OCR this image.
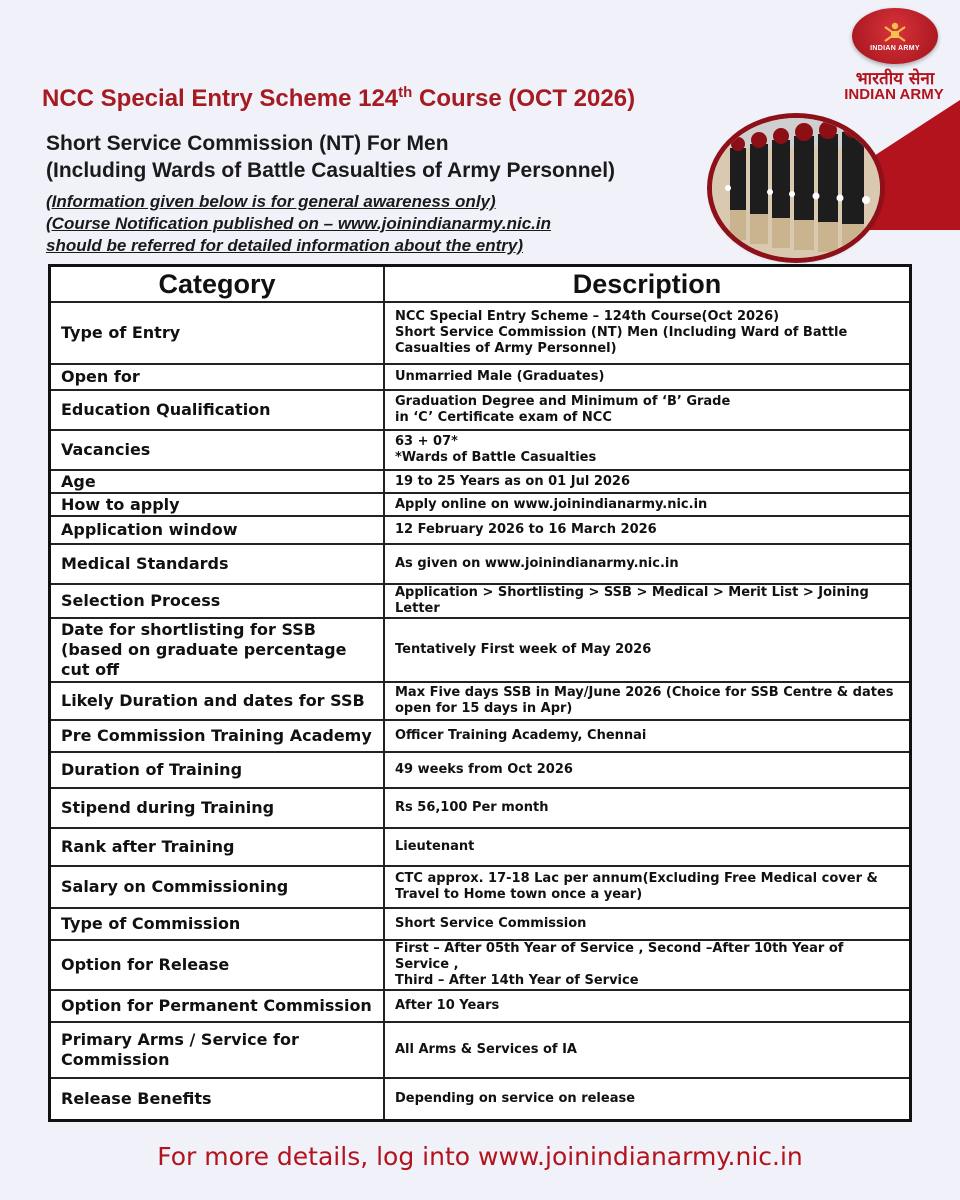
INDIAN ARMY
भारतीय सेना
INDIAN ARMY
NCC Special Entry Scheme 124th Course (OCT 2026)
Short Service Commission (NT) For Men
(Including Wards of Battle Casualties of Army Personnel)
(Information given below is for general awareness only)
(Course Notification published on – www.joinindianarmy.nic.in
should be referred for detailed information about the entry)
Category	Description
Type of Entry	NCC Special Entry Scheme – 124th Course(Oct 2026)
Short Service Commission (NT) Men (Including Ward of Battle Casualties of Army Personnel)
Open for	Unmarried Male (Graduates)
Education Qualification	Graduation Degree and Minimum of ‘B’ Grade
in ‘C’ Certificate exam of NCC
Vacancies	63 + 07*
*Wards of Battle Casualties
Age	19 to 25 Years as on 01 Jul 2026
How to apply	Apply online on www.joinindianarmy.nic.in
Application window	12 February 2026 to 16 March 2026
Medical Standards	As given on www.joinindianarmy.nic.in
Selection Process	Application > Shortlisting > SSB > Medical > Merit List > Joining Letter
Date for shortlisting for SSB (based on graduate percentage cut off	Tentatively First week of May 2026
Likely Duration and dates for SSB	Max Five days SSB in May/June 2026 (Choice for SSB Centre & dates open for 15 days in Apr)
Pre Commission Training Academy	Officer Training Academy, Chennai
Duration of Training	49 weeks from Oct 2026
Stipend during Training	Rs 56,100 Per month
Rank after Training	Lieutenant
Salary on Commissioning	CTC approx. 17-18 Lac per annum(Excluding Free Medical cover & Travel to Home town once a year)
Type of Commission	Short Service Commission
Option for Release	First – After 05th Year of Service , Second –After 10th Year of Service ,
Third – After 14th Year of Service
Option for Permanent Commission	After 10 Years
Primary Arms / Service for Commission	All Arms & Services of IA
Release Benefits	Depending on service on release
For more details, log into www.joinindianarmy.nic.in
